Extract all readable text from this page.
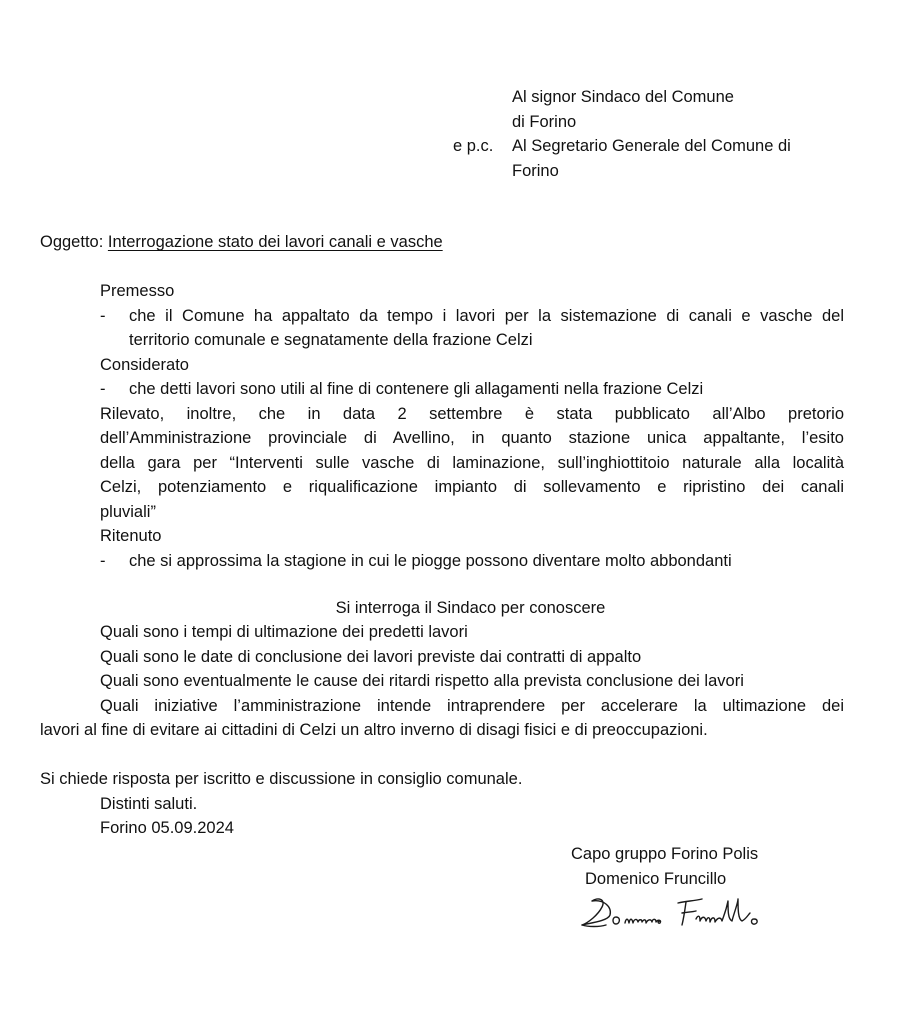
Al signor Sindaco del Comune
di Forino
e p.c.	Al Segretario Generale del Comune di
Forino
Oggetto: Interrogazione stato dei lavori canali e vasche
Premesso
-	che il Comune ha appaltato da tempo i lavori per la sistemazione di canali e vasche del
territorio comunale e segnatamente della frazione Celzi
Considerato
-	che detti lavori sono utili al fine di contenere gli allagamenti nella frazione Celzi
Rilevato, inoltre, che in data 2 settembre è stata pubblicato all’Albo pretorio
dell’Amministrazione provinciale di Avellino, in quanto stazione unica appaltante, l’esito
della gara per “Interventi sulle vasche di laminazione, sull’inghiottitoio naturale alla località
Celzi, potenziamento e riqualificazione impianto di sollevamento e ripristino dei canali
pluviali”
Ritenuto
-	che si approssima la stagione in cui le piogge possono diventare molto abbondanti
Si interroga il Sindaco per conoscere
Quali sono i tempi di ultimazione dei predetti lavori
Quali sono le date di conclusione dei lavori previste dai contratti di appalto
Quali sono eventualmente le cause dei ritardi rispetto alla prevista conclusione dei lavori
Quali iniziative l’amministrazione intende intraprendere per accelerare la ultimazione dei
lavori al fine di evitare ai cittadini di Celzi un altro inverno di disagi fisici e di preoccupazioni.
Si chiede risposta per iscritto e discussione in consiglio comunale.
Distinti saluti.
Forino 05.09.2024
Capo gruppo Forino Polis
Domenico Fruncillo
